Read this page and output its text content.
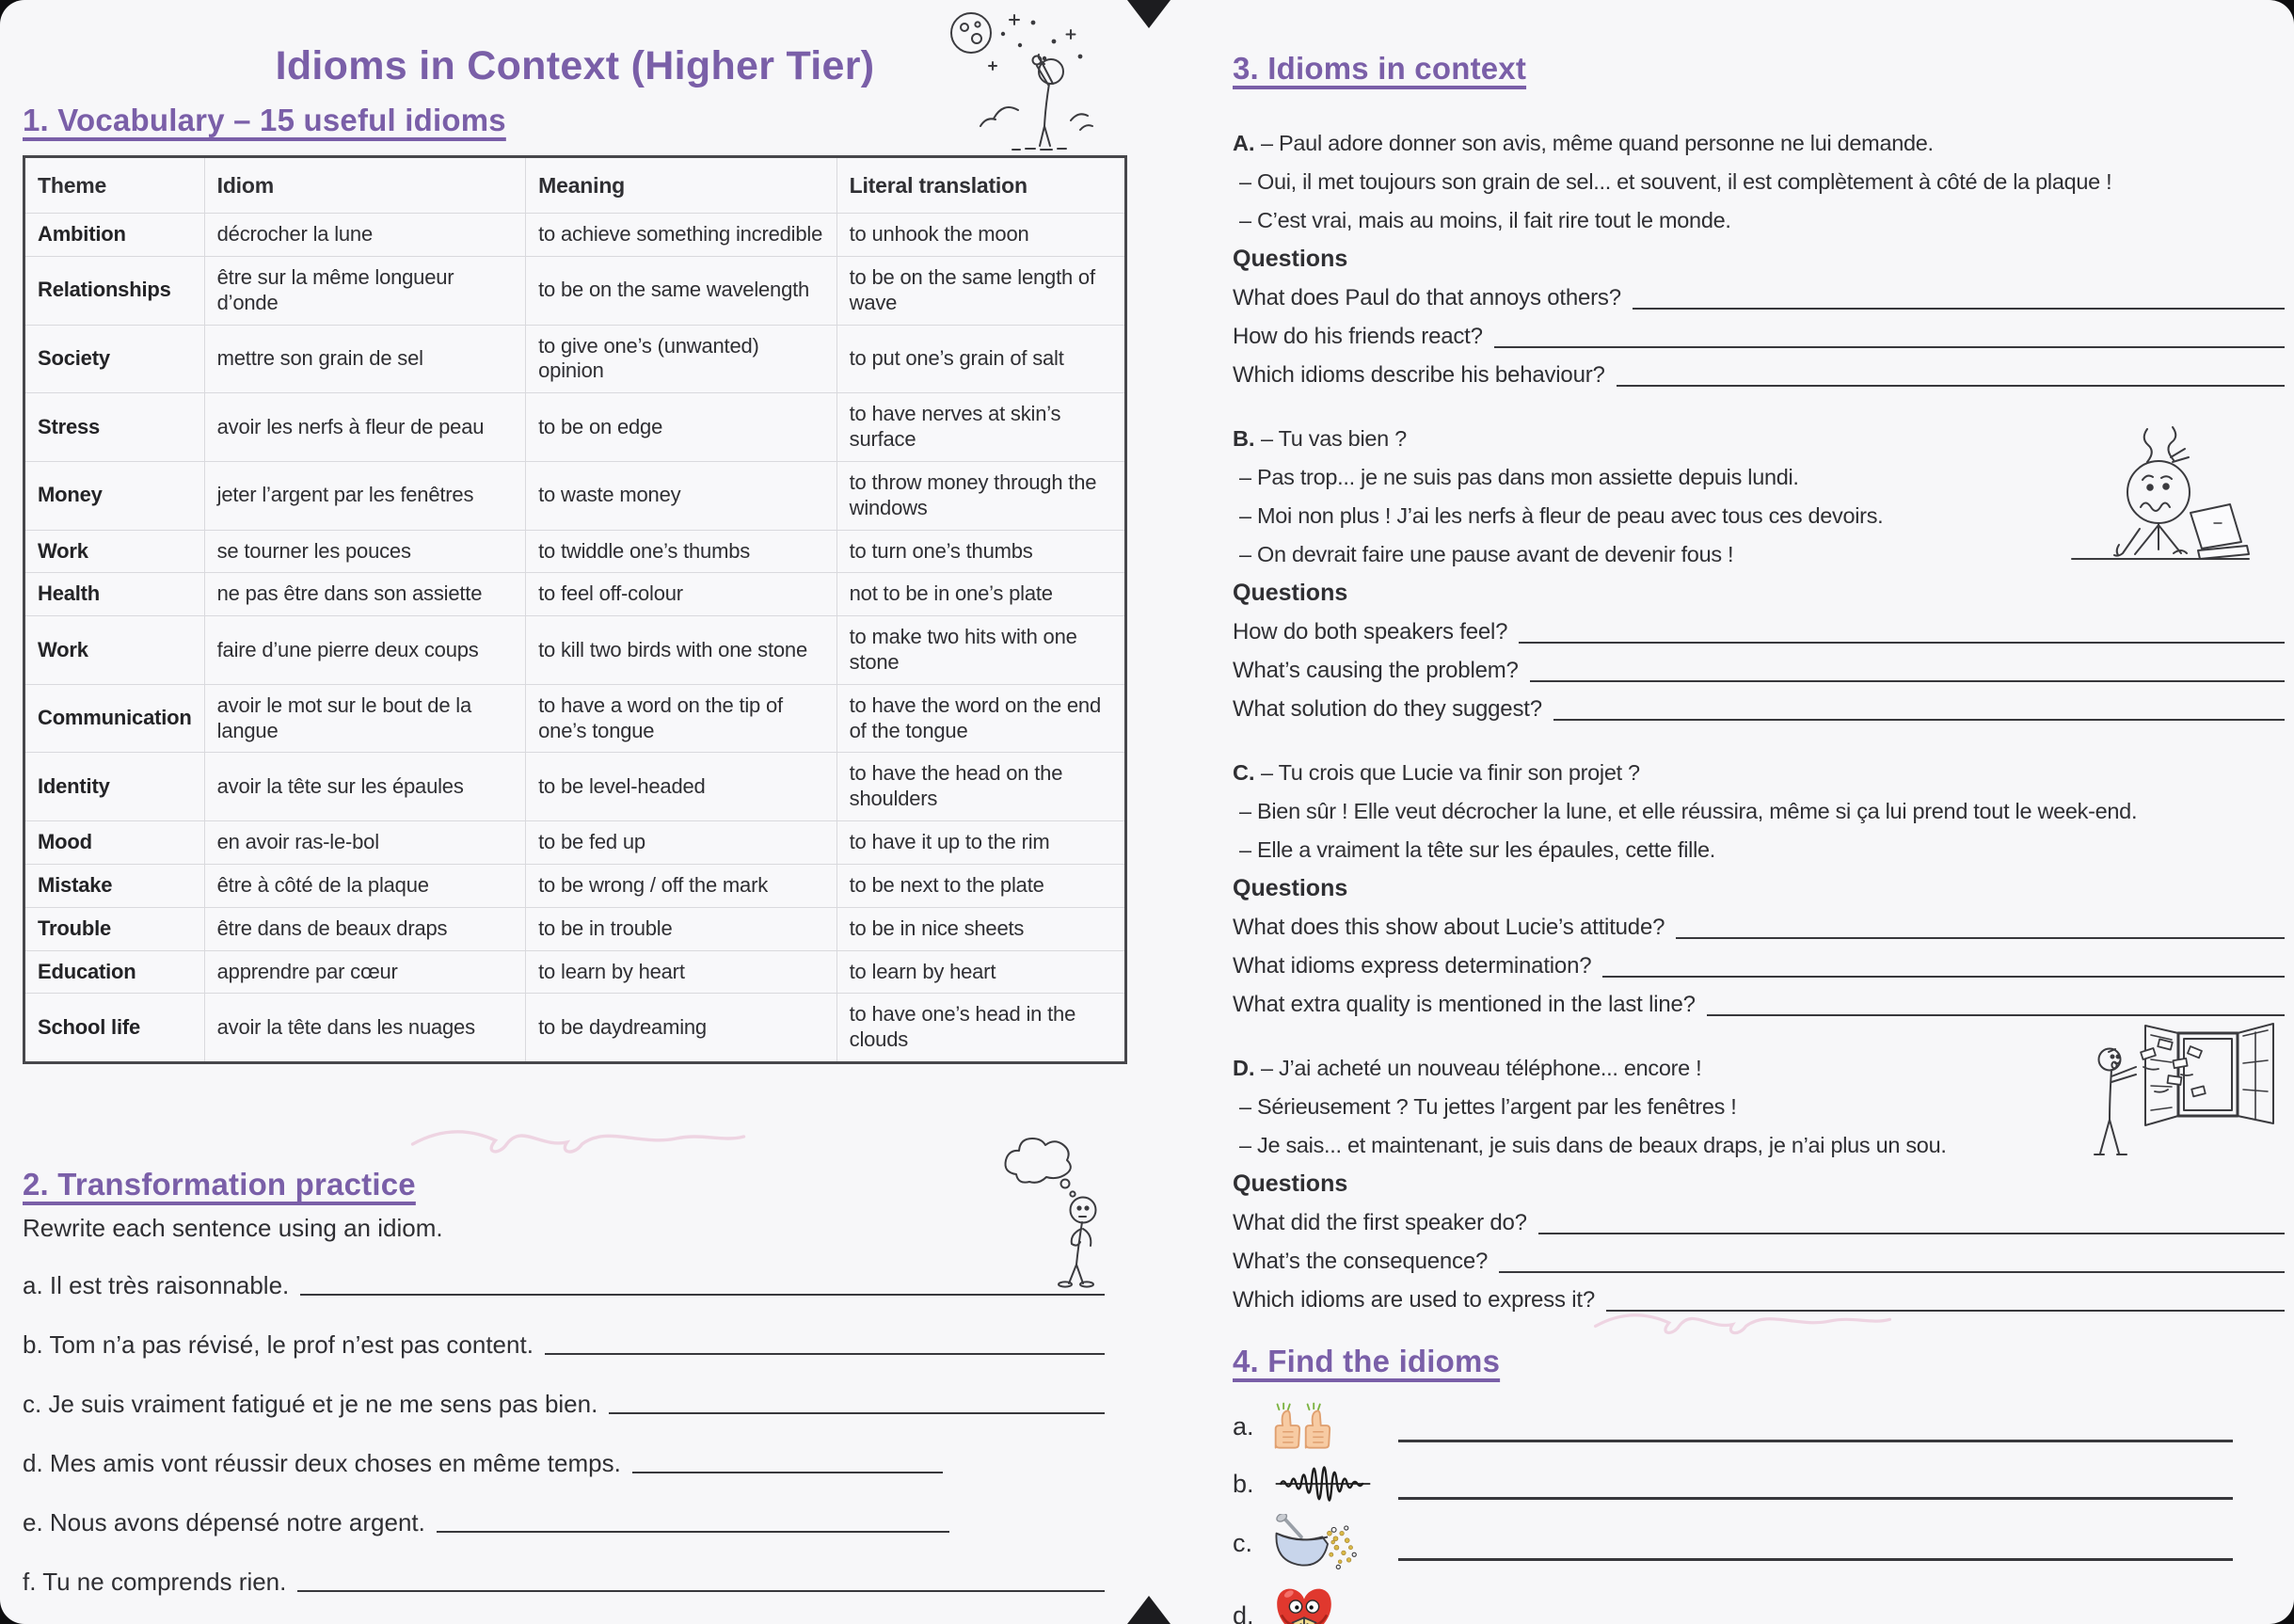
Idioms in Context (Higher Tier)
1. Vocabulary – 15 useful idioms
Theme	Idiom	Meaning	Literal translation
Ambition	décrocher la lune	to achieve something incredible	to unhook the moon
Relationships	être sur la même longueur d’onde	to be on the same wavelength	to be on the same length of wave
Society	mettre son grain de sel	to give one’s (unwanted) opinion	to put one’s grain of salt
Stress	avoir les nerfs à fleur de peau	to be on edge	to have nerves at skin’s surface
Money	jeter l’argent par les fenêtres	to waste money	to throw money through the windows
Work	se tourner les pouces	to twiddle one’s thumbs	to turn one’s thumbs
Health	ne pas être dans son assiette	to feel off-colour	not to be in one’s plate
Work	faire d’une pierre deux coups	to kill two birds with one stone	to make two hits with one stone
Communication	avoir le mot sur le bout de la langue	to have a word on the tip of one’s tongue	to have the word on the end of the tongue
Identity	avoir la tête sur les épaules	to be level-headed	to have the head on the shoulders
Mood	en avoir ras-le-bol	to be fed up	to have it up to the rim
Mistake	être à côté de la plaque	to be wrong / off the mark	to be next to the plate
Trouble	être dans de beaux draps	to be in trouble	to be in nice sheets
Education	apprendre par cœur	to learn by heart	to learn by heart
School life	avoir la tête dans les nuages	to be daydreaming	to have one’s head in the clouds
2. Transformation practice

Rewrite each sentence using an idiom.

a. Il est très raisonnable.
b. Tom n’a pas révisé, le prof n’est pas content.
c. Je suis vraiment fatigué et je ne me sens pas bien.
d. Mes amis vont réussir deux choses en même temps.
e. Nous avons dépensé notre argent.
f. Tu ne comprends rien.
3. Idioms in context

A. – Paul adore donner son avis, même quand personne ne lui demande.

– Oui, il met toujours son grain de sel... et souvent, il est complètement à côté de la plaque !

– C’est vrai, mais au moins, il fait rire tout le monde.

Questions

What does Paul do that annoys others?
How do his friends react?
Which idioms describe his behaviour?

B. – Tu vas bien ?

– Pas trop... je ne suis pas dans mon assiette depuis lundi.

– Moi non plus ! J’ai les nerfs à fleur de peau avec tous ces devoirs.

– On devrait faire une pause avant de devenir fous !

Questions

How do both speakers feel?
What’s causing the problem?
What solution do they suggest?

C. – Tu crois que Lucie va finir son projet ?

– Bien sûr ! Elle veut décrocher la lune, et elle réussira, même si ça lui prend tout le week-end.

– Elle a vraiment la tête sur les épaules, cette fille.

Questions

What does this show about Lucie’s attitude?
What idioms express determination?
What extra quality is mentioned in the last line?

D. – J’ai acheté un nouveau téléphone... encore !

– Sérieusement ? Tu jettes l’argent par les fenêtres !

– Je sais... et maintenant, je suis dans de beaux draps, je n’ai plus un sou.

Questions

What did the first speaker do?
What’s the consequence?
Which idioms are used to express it?
4. Find the idioms
a.
b.
c.
d.
